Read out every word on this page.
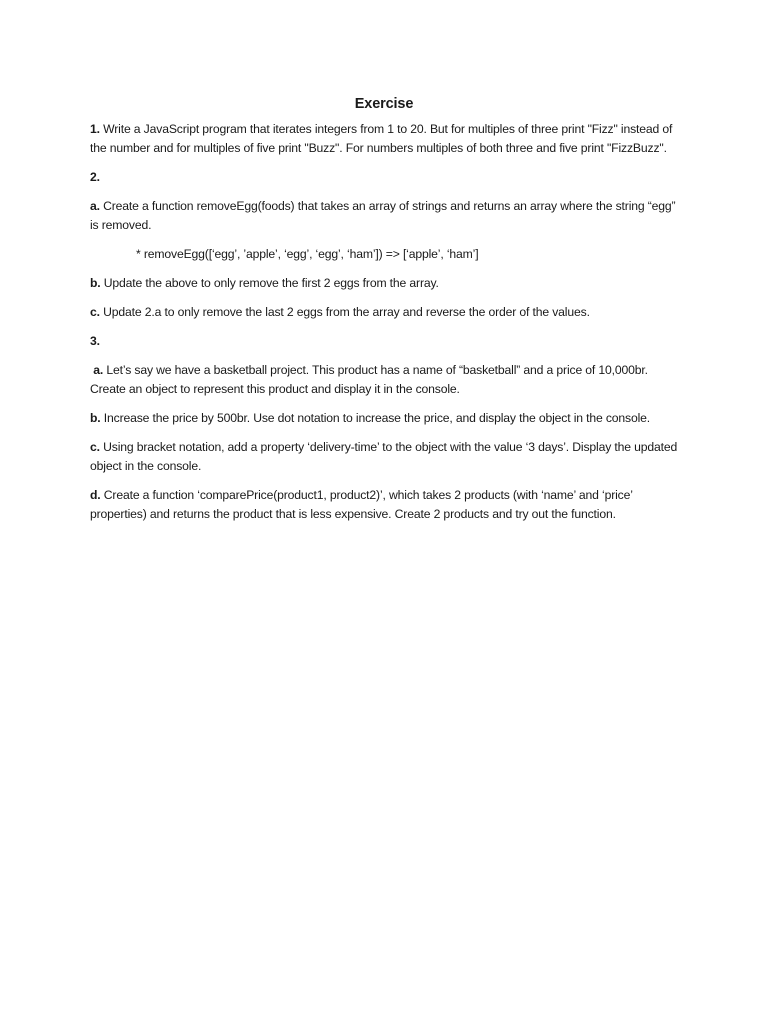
Exercise

1. Write a JavaScript program that iterates integers from 1 to 20. But for multiples of three print "Fizz" instead of the number and for multiples of five print "Buzz". For numbers multiples of both three and five print "FizzBuzz".

2.

a. Create a function removeEgg(foods) that takes an array of strings and returns an array where the string “egg” is removed.

* removeEgg([‘egg’, ’apple’, ‘egg’, ‘egg’, ‘ham’]) => [‘apple’, ‘ham’]

b. Update the above to only remove the first 2 eggs from the array.

c. Update 2.a to only remove the last 2 eggs from the array and reverse the order of the values.

3.

a. Let’s say we have a basketball project. This product has a name of “basketball” and a price of 10,000br. Create an object to represent this product and display it in the console.

b. Increase the price by 500br. Use dot notation to increase the price, and display the object in the console.

c. Using bracket notation, add a property ‘delivery-time’ to the object with the value ‘3 days’. Display the updated object in the console.

d. Create a function ‘comparePrice(product1, product2)’, which takes 2 products (with ‘name’ and ‘price’ properties) and returns the product that is less expensive. Create 2 products and try out the function.
